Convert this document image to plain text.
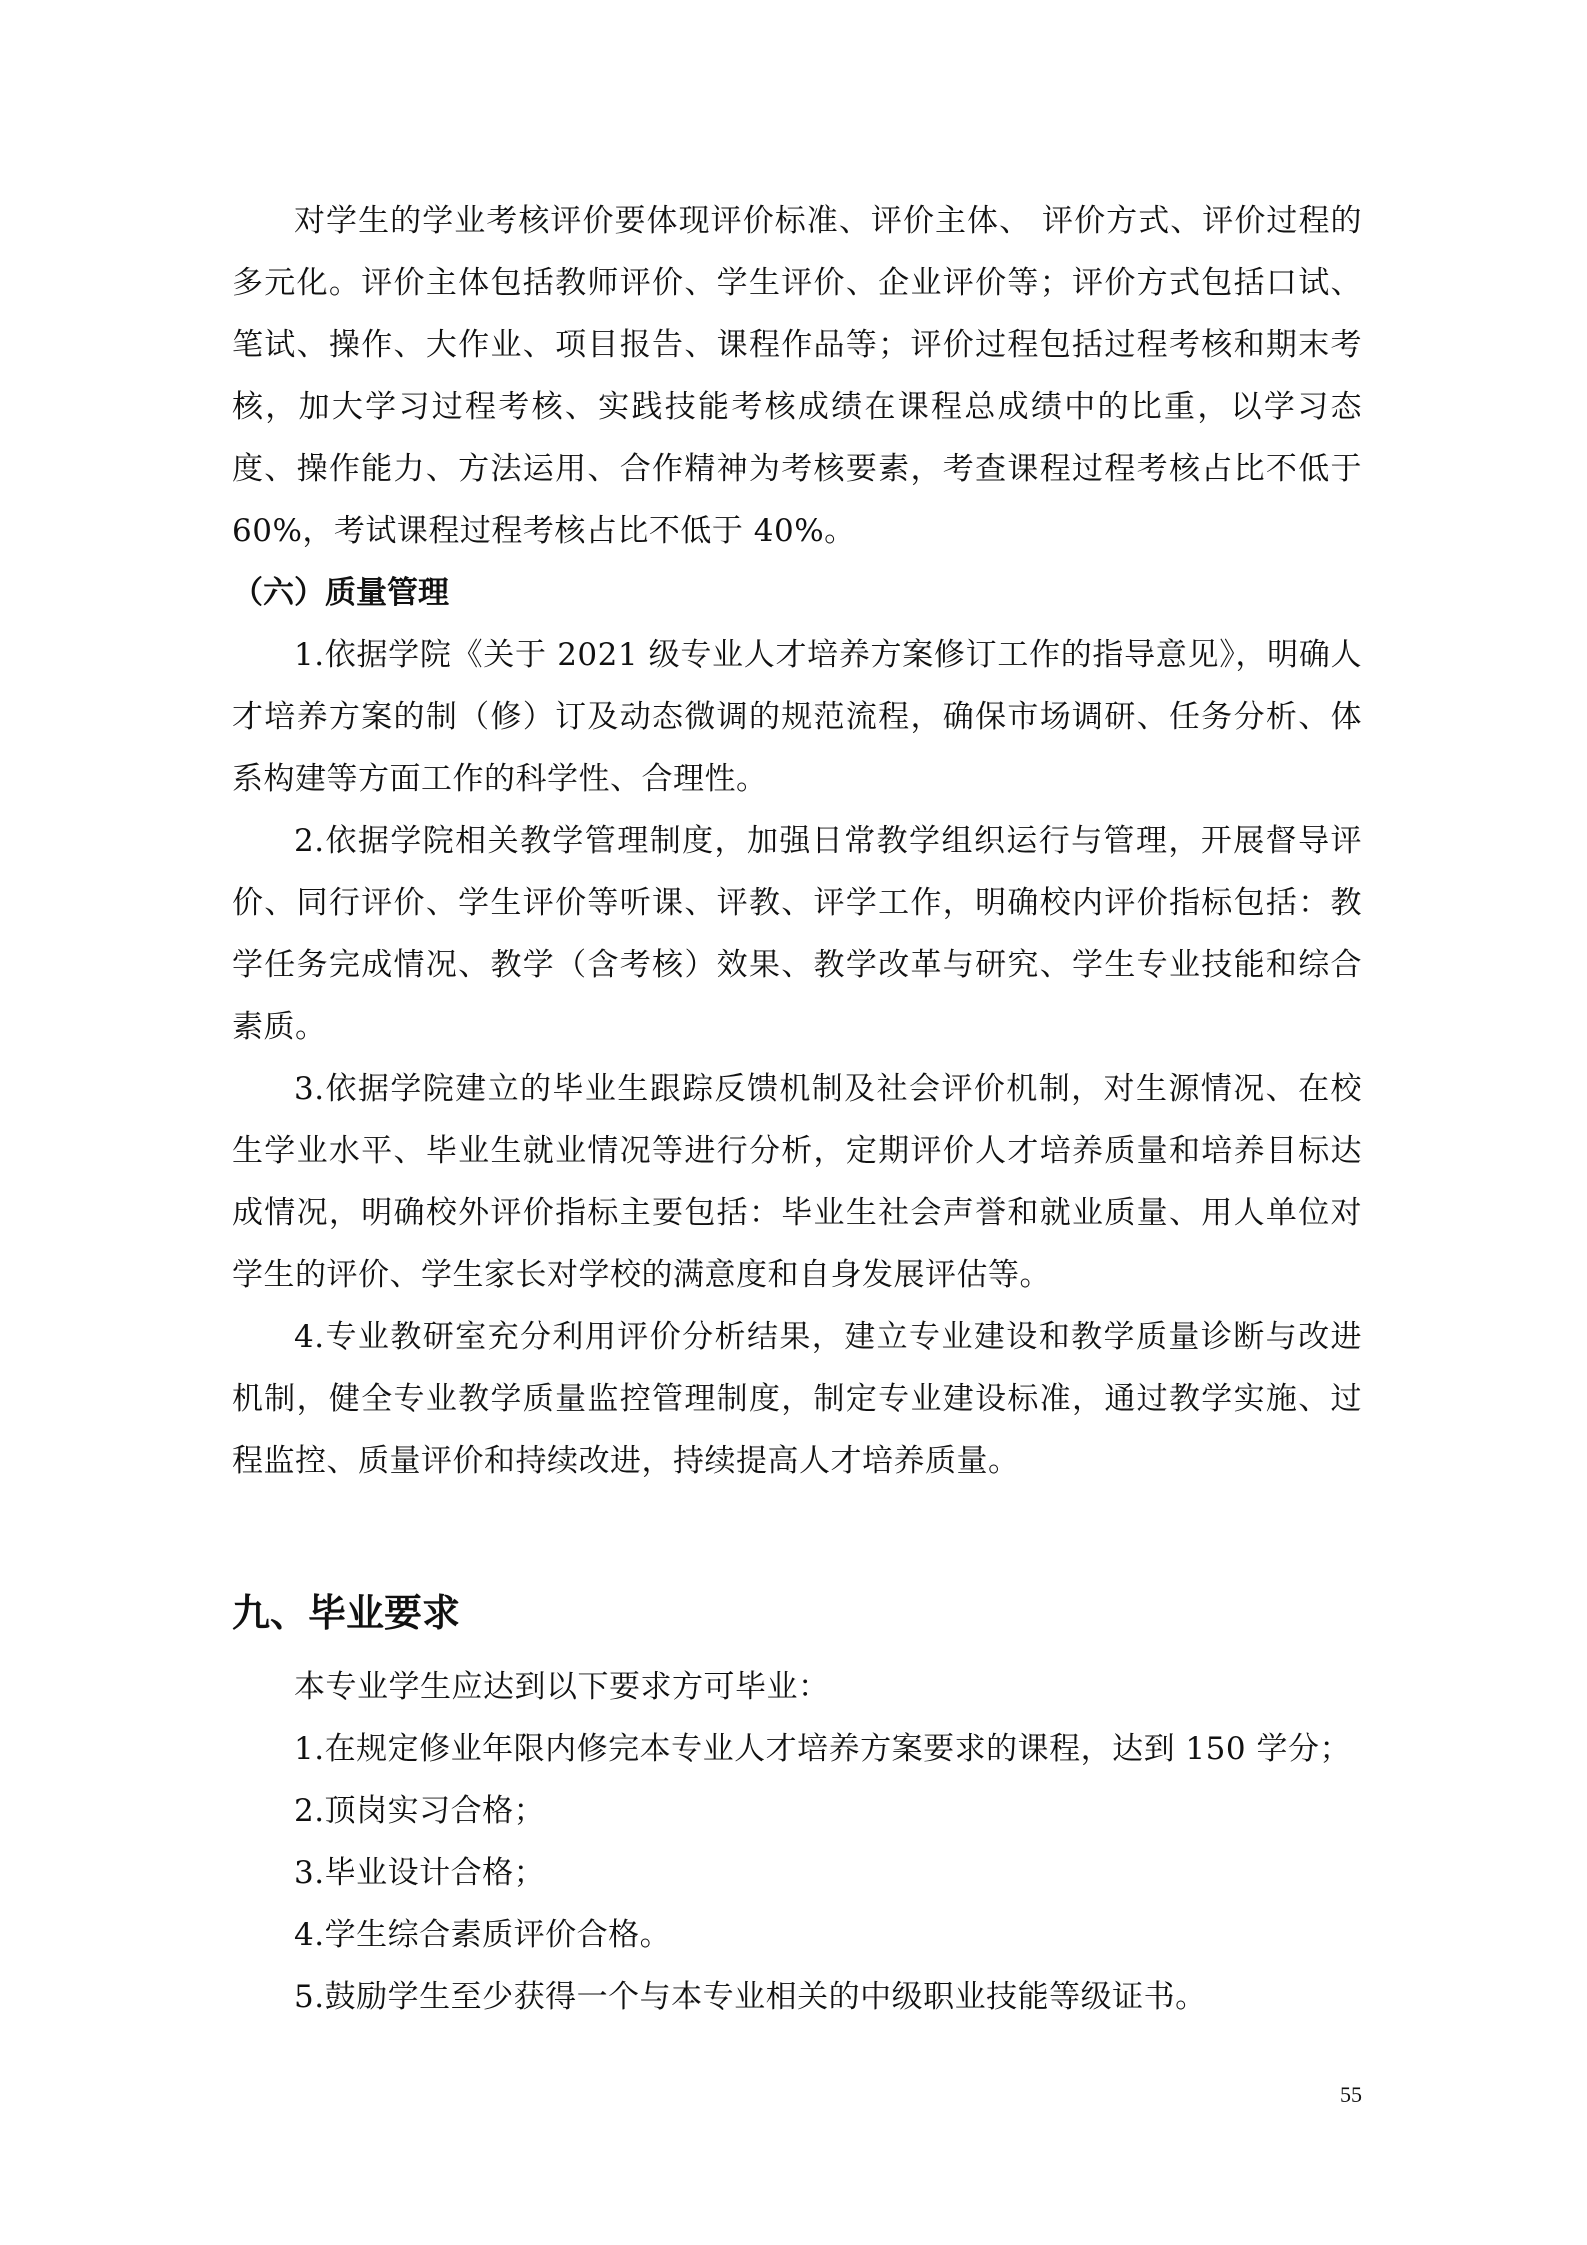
对学生的学业考核评价要体现评价标准、评价主体、 评价方式、评价过程的多元化。评价主体包括教师评价、学生评价、企业评价等；评价方式包括口试、笔试、操作、大作业、项目报告、课程作品等；评价过程包括过程考核和期末考核，加大学习过程考核、实践技能考核成绩在课程总成绩中的比重，以学习态度、操作能力、方法运用、合作精神为考核要素，考查课程过程考核占比不低于60%，考试课程过程考核占比不低于 40%。

（六）质量管理

1.依据学院《关于 2021 级专业人才培养方案修订工作的指导意见》，明确人才培养方案的制（修）订及动态微调的规范流程，确保市场调研、任务分析、体系构建等方面工作的科学性、合理性。

2.依据学院相关教学管理制度，加强日常教学组织运行与管理，开展督导评价、同行评价、学生评价等听课、评教、评学工作，明确校内评价指标包括：教学任务完成情况、教学（含考核）效果、教学改革与研究、学生专业技能和综合素质。

3.依据学院建立的毕业生跟踪反馈机制及社会评价机制，对生源情况、在校生学业水平、毕业生就业情况等进行分析，定期评价人才培养质量和培养目标达成情况，明确校外评价指标主要包括：毕业生社会声誉和就业质量、用人单位对学生的评价、学生家长对学校的满意度和自身发展评估等。

4.专业教研室充分利用评价分析结果，建立专业建设和教学质量诊断与改进机制，健全专业教学质量监控管理制度，制定专业建设标准，通过教学实施、过程监控、质量评价和持续改进，持续提高人才培养质量。

九、毕业要求

本专业学生应达到以下要求方可毕业：

1.在规定修业年限内修完本专业人才培养方案要求的课程，达到 150 学分；

2.顶岗实习合格；

3.毕业设计合格；

4.学生综合素质评价合格。

5.鼓励学生至少获得一个与本专业相关的中级职业技能等级证书。

55
